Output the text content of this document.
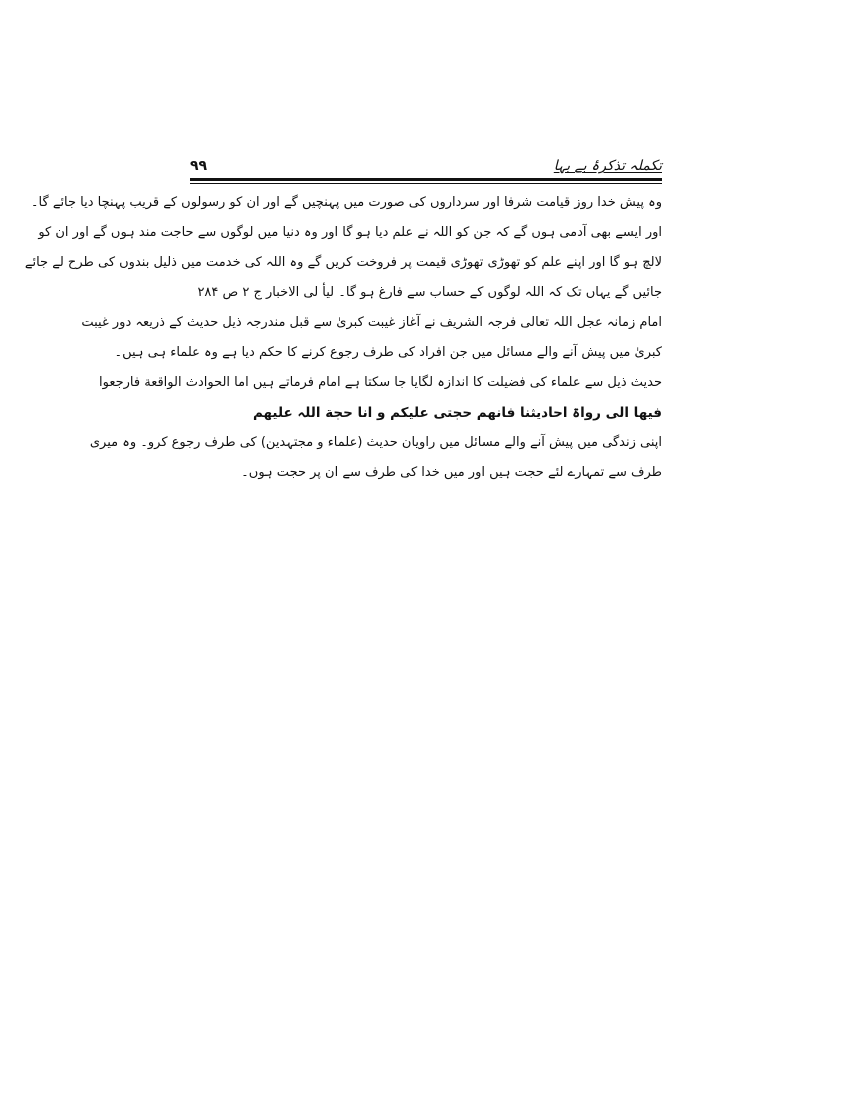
تکملہ تذکرۂ بے بہا
۹۹
وہ پیش خدا روز قیامت شرفا اور سرداروں کی صورت میں پہنچیں گے اور ان کو رسولوں کے قریب پہنچا دیا جائے گا۔
اور ایسے بھی آدمی ہوں گے کہ جن کو اللہ نے علم دیا ہو گا اور وہ دنیا میں لوگوں سے حاجت مند ہوں گے اور ان کو
لالچ ہو گا اور اپنے علم کو تھوڑی تھوڑی قیمت پر فروخت کریں گے وہ اللہ کی خدمت میں ذلیل بندوں کی طرح لے جائے
جائیں گے یہاں تک کہ اللہ لوگوں کے حساب سے فارغ ہو گا۔ لیأ لی الاخبار ج ۲ ص ۲۸۴
امام زمانہ عجل اللہ تعالی فرجہ الشریف نے آغاز غیبت کبریٰ سے قبل مندرجہ ذیل حدیث کے ذریعہ دور غیبت
کبریٰ میں پیش آنے والے مسائل میں جن افراد کی طرف رجوع کرنے کا حکم دیا ہے وہ علماء ہی ہیں۔
حدیث ذیل سے علماء کی فضیلت کا اندازہ لگایا جا سکتا ہے امام فرماتے ہیں اما الحوادث الواقعة فارجعوا
فیھا الی رواۃ احادیثنا فانھم حجتی علیکم و انا حجة اللہ علیھم
اپنی زندگی میں پیش آنے والے مسائل میں راویان حدیث (علماء و مجتہدین) کی طرف رجوع کرو۔ وہ میری
طرف سے تمہارے لئے حجت ہیں اور میں خدا کی طرف سے ان پر حجت ہوں۔
